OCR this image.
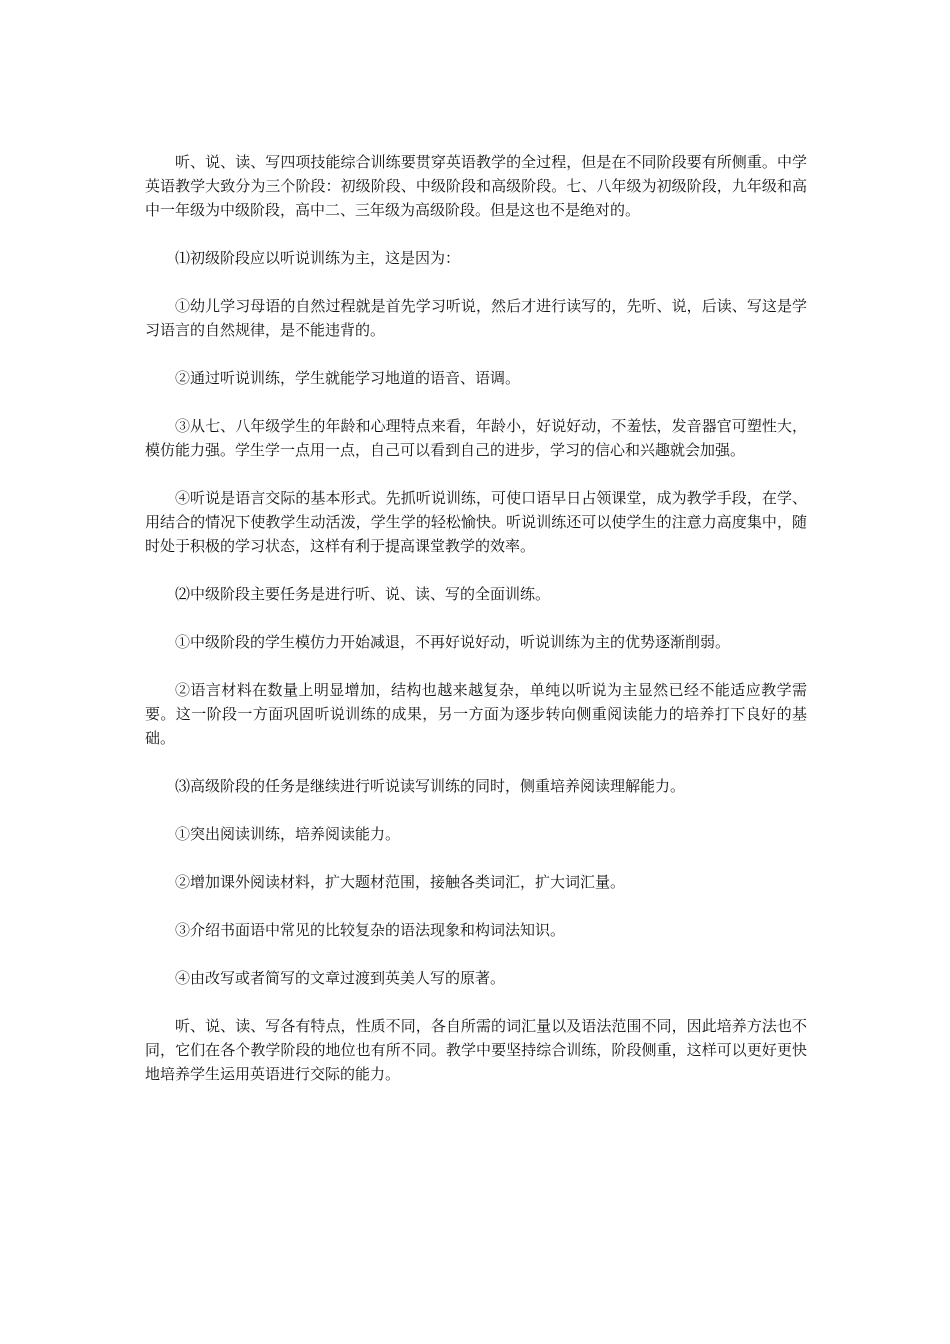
听、说、读、写四项技能综合训练要贯穿英语教学的全过程，但是在不同阶段要有所侧重。中学英语教学大致分为三个阶段：初级阶段、中级阶段和高级阶段。七、八年级为初级阶段，九年级和高中一年级为中级阶段，高中二、三年级为高级阶段。但是这也不是绝对的。

⑴初级阶段应以听说训练为主，这是因为：

①幼儿学习母语的自然过程就是首先学习听说，然后才进行读写的，先听、说，后读、写这是学习语言的自然规律，是不能违背的。

②通过听说训练，学生就能学习地道的语音、语调。

③从七、八年级学生的年龄和心理特点来看，年龄小，好说好动，不羞怯，发音器官可塑性大，模仿能力强。学生学一点用一点，自己可以看到自己的进步，学习的信心和兴趣就会加强。

④听说是语言交际的基本形式。先抓听说训练，可使口语早日占领课堂，成为教学手段，在学、用结合的情况下使教学生动活泼，学生学的轻松愉快。听说训练还可以使学生的注意力高度集中，随时处于积极的学习状态，这样有利于提高课堂教学的效率。

⑵中级阶段主要任务是进行听、说、读、写的全面训练。

①中级阶段的学生模仿力开始减退，不再好说好动，听说训练为主的优势逐渐削弱。

②语言材料在数量上明显增加，结构也越来越复杂，单纯以听说为主显然已经不能适应教学需要。这一阶段一方面巩固听说训练的成果，另一方面为逐步转向侧重阅读能力的培养打下良好的基础。

⑶高级阶段的任务是继续进行听说读写训练的同时，侧重培养阅读理解能力。

①突出阅读训练，培养阅读能力。

②增加课外阅读材料，扩大题材范围，接触各类词汇，扩大词汇量。

③介绍书面语中常见的比较复杂的语法现象和构词法知识。

④由改写或者简写的文章过渡到英美人写的原著。

听、说、读、写各有特点，性质不同，各自所需的词汇量以及语法范围不同，因此培养方法也不同，它们在各个教学阶段的地位也有所不同。教学中要坚持综合训练，阶段侧重，这样可以更好更快地培养学生运用英语进行交际的能力。
